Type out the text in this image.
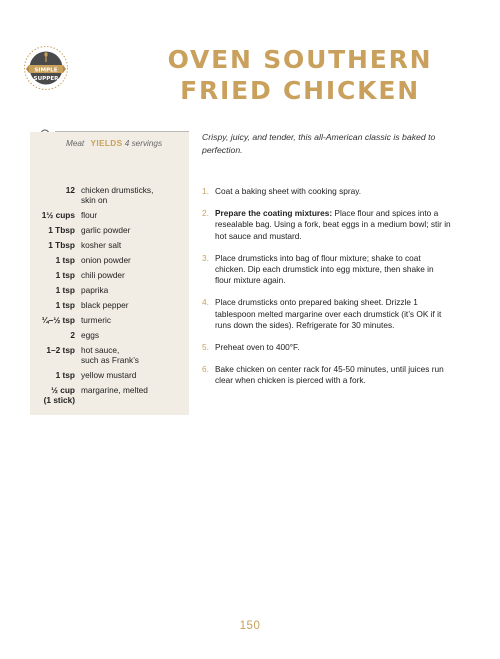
SIMPLE
SUPPER
OVEN SOUTHERN
FRIED CHICKEN
Meat YIELDS 4 servings
12 chicken drumsticks,
skin on
1½ cups flour
1 Tbsp garlic powder
1 Tbsp kosher salt
1 tsp onion powder
1 tsp chili powder
1 tsp paprika
1 tsp black pepper
¼–½ tsp turmeric
2 eggs
1–2 tsp hot sauce,
such as Frank’s
1 tsp yellow mustard
½ cup
(1 stick)
margarine, melted
Crispy, juicy, and tender, this all-American classic is baked to perfection.
1. Coat a baking sheet with cooking spray.
2. Prepare the coating mixtures: Place flour and spices into a resealable bag. Using a fork, beat eggs in a medium bowl; stir in hot sauce and mustard.
3. Place drumsticks into bag of flour mixture; shake to coat chicken. Dip each drumstick into egg mixture, then shake in flour mixture again.
4. Place drumsticks onto prepared baking sheet. Drizzle 1 tablespoon melted margarine over each drumstick (it’s OK if it runs down the sides). Refrigerate for 30 minutes.
5. Preheat oven to 400°F.
6. Bake chicken on center rack for 45-50 minutes, until juices run clear when chicken is pierced with a fork.
150
